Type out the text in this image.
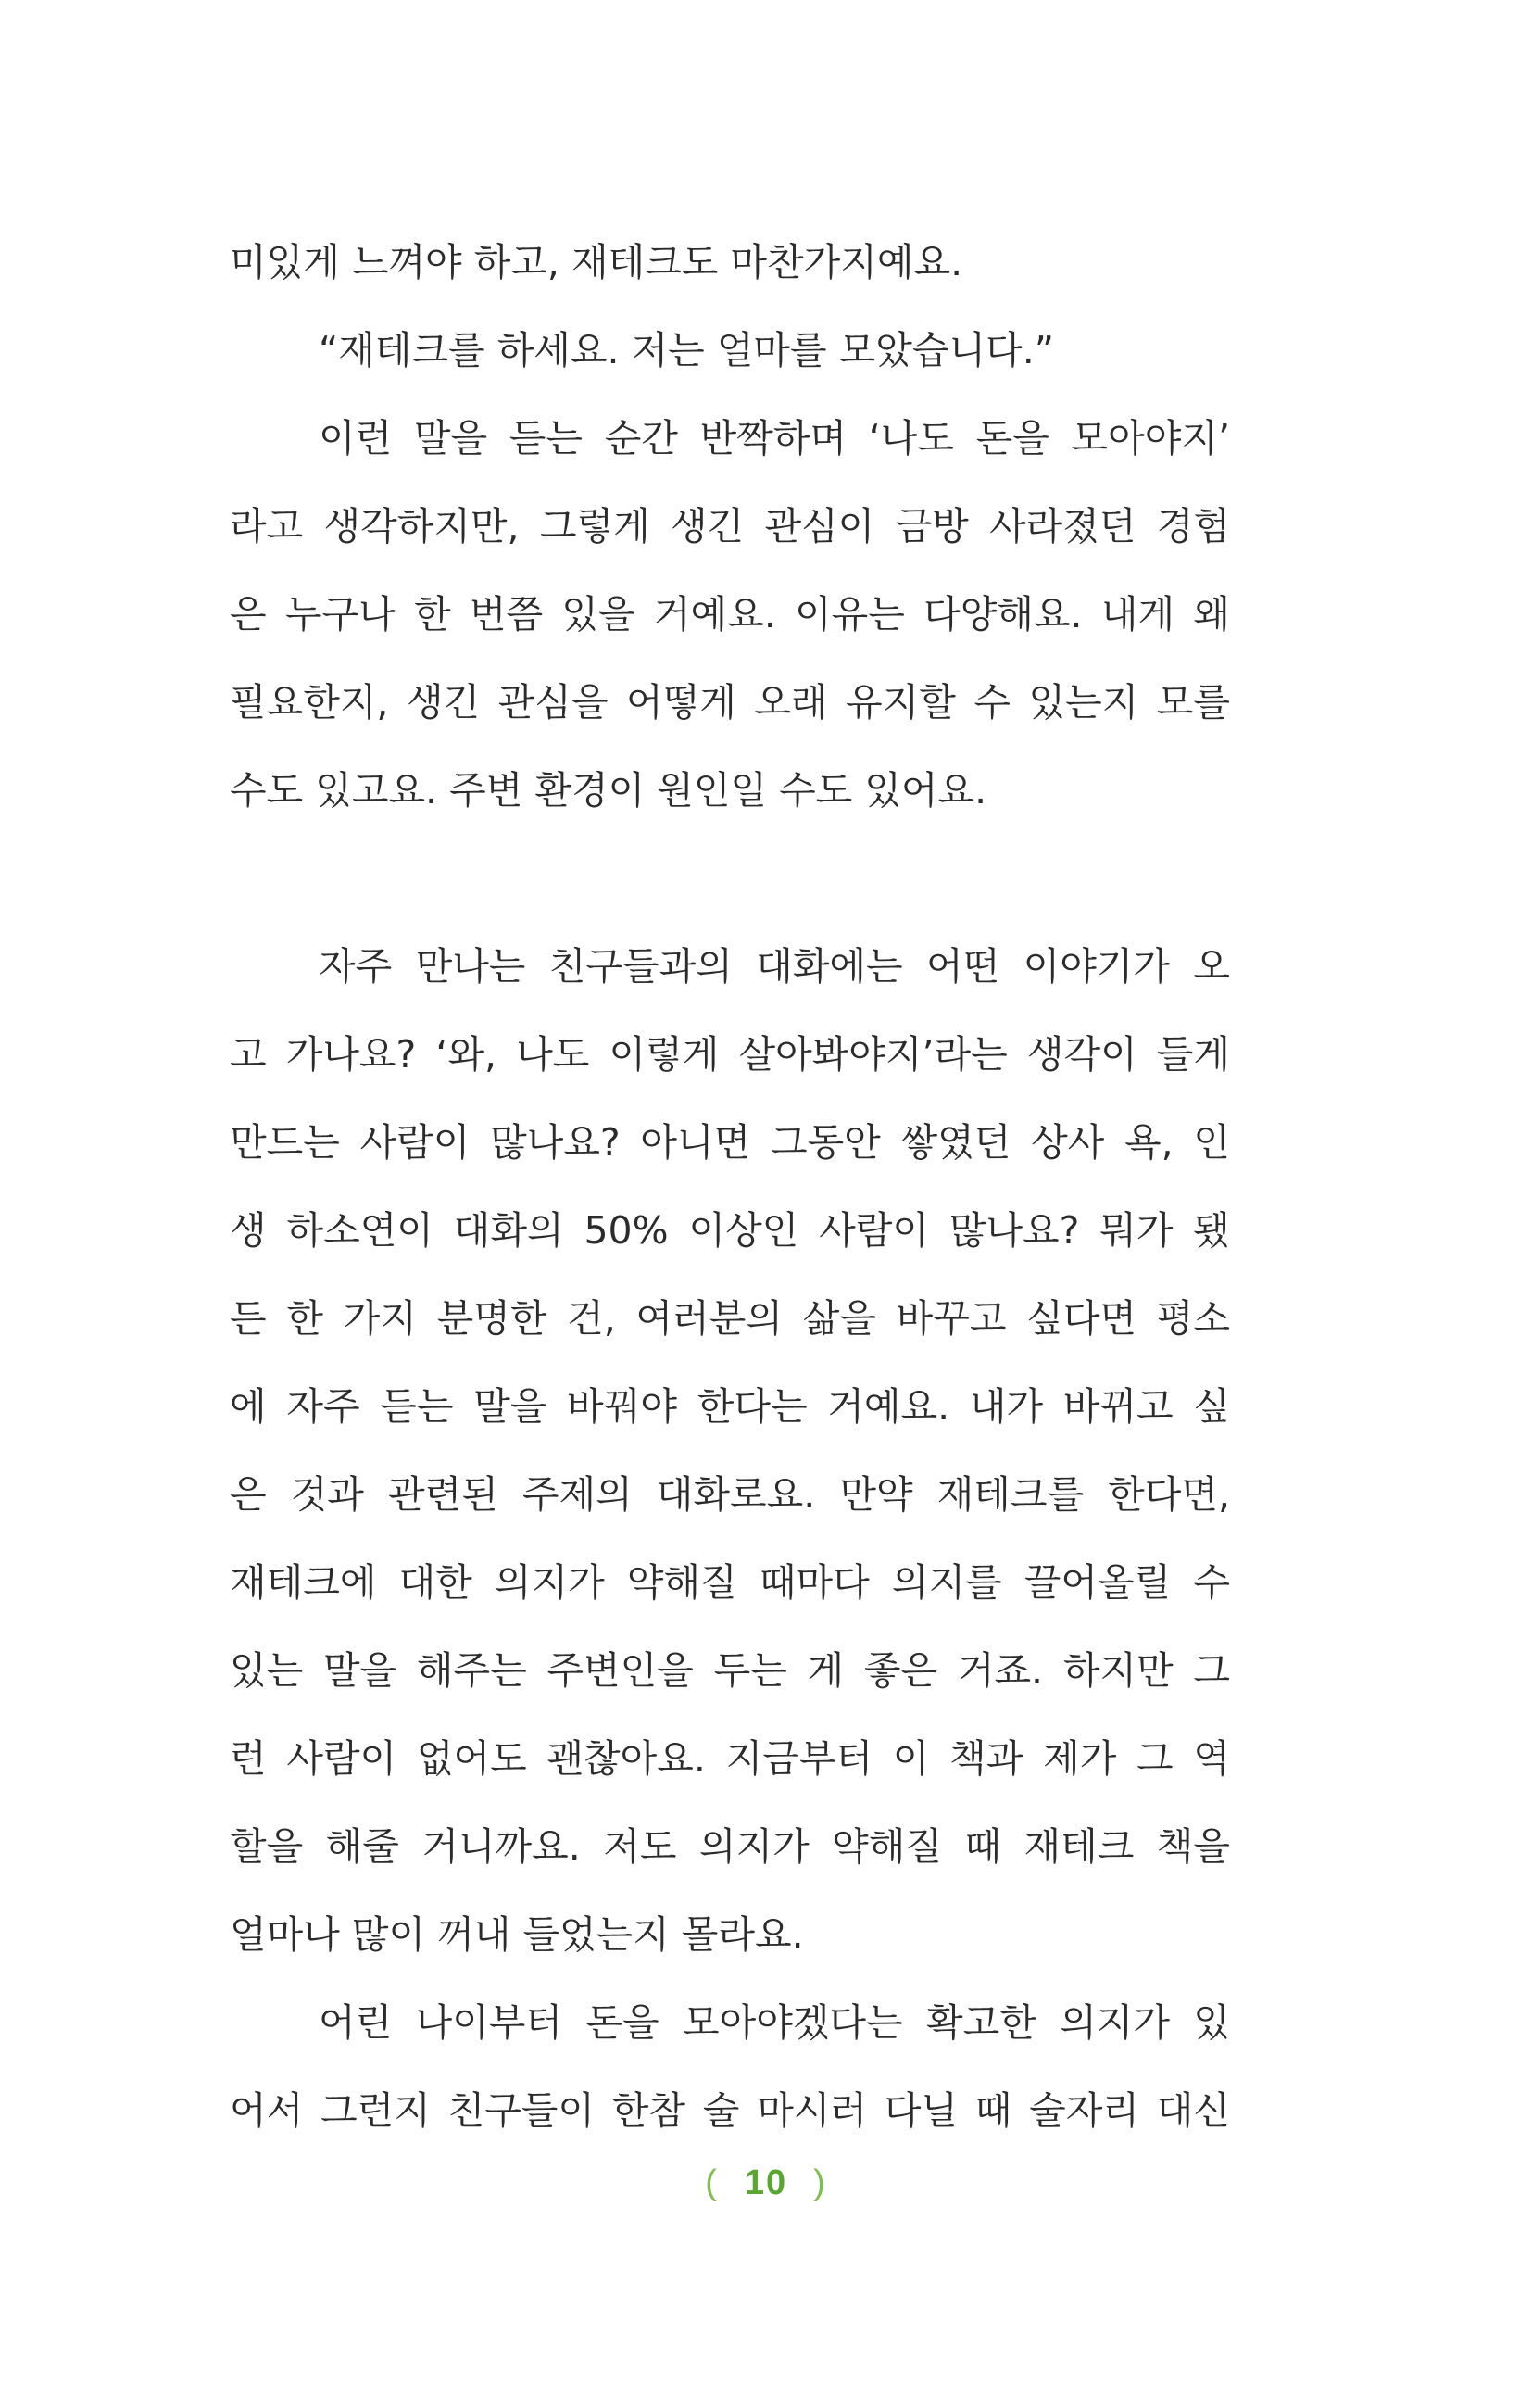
미있게 느껴야 하고, 재테크도 마찬가지예요.
“재테크를 하세요. 저는 얼마를 모았습니다.”
이런 말을 듣는 순간 반짝하며 ‘나도 돈을 모아야지’
라고 생각하지만, 그렇게 생긴 관심이 금방 사라졌던 경험
은 누구나 한 번쯤 있을 거예요. 이유는 다양해요. 내게 왜
필요한지, 생긴 관심을 어떻게 오래 유지할 수 있는지 모를
수도 있고요. 주변 환경이 원인일 수도 있어요.
자주 만나는 친구들과의 대화에는 어떤 이야기가 오
고 가나요? ‘와, 나도 이렇게 살아봐야지’라는 생각이 들게
만드는 사람이 많나요? 아니면 그동안 쌓였던 상사 욕, 인
생 하소연이 대화의 50% 이상인 사람이 많나요? 뭐가 됐
든 한 가지 분명한 건, 여러분의 삶을 바꾸고 싶다면 평소
에 자주 듣는 말을 바꿔야 한다는 거예요. 내가 바뀌고 싶
은 것과 관련된 주제의 대화로요. 만약 재테크를 한다면,
재테크에 대한 의지가 약해질 때마다 의지를 끌어올릴 수
있는 말을 해주는 주변인을 두는 게 좋은 거죠. 하지만 그
런 사람이 없어도 괜찮아요. 지금부터 이 책과 제가 그 역
할을 해줄 거니까요. 저도 의지가 약해질 때 재테크 책을
얼마나 많이 꺼내 들었는지 몰라요.
어린 나이부터 돈을 모아야겠다는 확고한 의지가 있
어서 그런지 친구들이 한참 술 마시러 다닐 때 술자리 대신
( 10 )
